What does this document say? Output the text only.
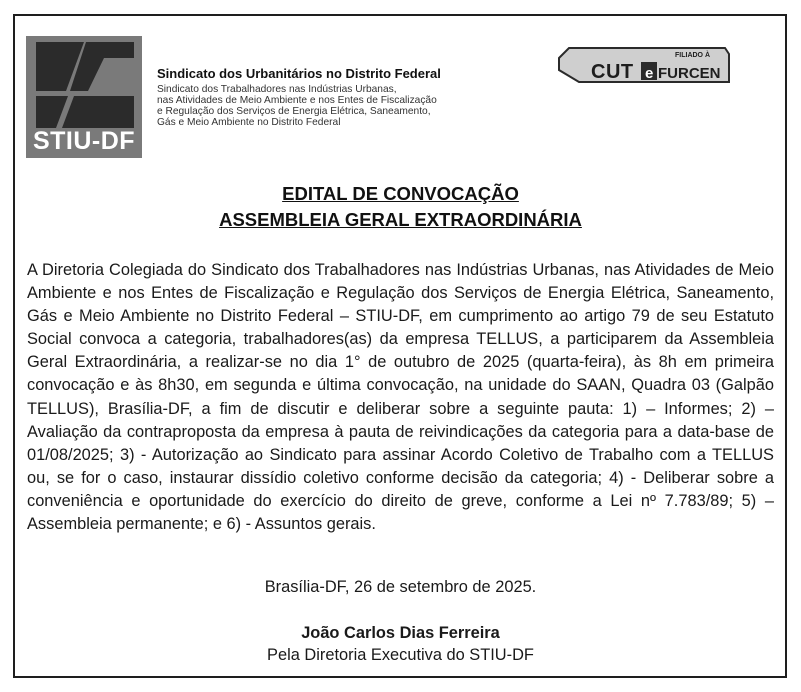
STIU-DF
Sindicato dos Urbanitários no Distrito Federal
Sindicato dos Trabalhadores nas Indústrias Urbanas,
nas Atividades de Meio Ambiente e nos Entes de Fiscalização
e Regulação dos Serviços de Energia Elétrica, Saneamento,
Gás e Meio Ambiente no Distrito Federal
FILIADO À
CUT e FURCEN
EDITAL DE CONVOCAÇÃO
ASSEMBLEIA GERAL EXTRAORDINÁRIA
A Diretoria Colegiada do Sindicato dos Trabalhadores nas Indústrias Urbanas, nas Atividades de Meio Ambiente e nos Entes de Fiscalização e Regulação dos Serviços de Energia Elétrica, Saneamento, Gás e Meio Ambiente no Distrito Federal – STIU-DF, em cumprimento ao artigo 79 de seu Estatuto Social convoca a categoria, trabalhadores(as) da empresa TELLUS, a participarem da Assembleia Geral Extraordinária, a realizar-se no dia 1° de outubro de 2025 (quarta-feira), às 8h em primeira convocação e às 8h30, em segunda e última convocação, na unidade do SAAN, Quadra 03 (Galpão TELLUS), Brasília-DF, a fim de discutir e deliberar sobre a seguinte pauta: 1) – Informes; 2) – Avaliação da contraproposta da empresa à pauta de reivindicações da categoria para a data-base de 01/08/2025; 3) - Autorização ao Sindicato para assinar Acordo Coletivo de Trabalho com a TELLUS ou, se for o caso, instaurar dissídio coletivo conforme decisão da categoria; 4) - Deliberar sobre a conveniência e oportunidade do exercício do direito de greve, conforme a Lei nº 7.783/89; 5) – Assembleia permanente; e 6) - Assuntos gerais.
Brasília-DF, 26 de setembro de 2025.
João Carlos Dias Ferreira
Pela Diretoria Executiva do STIU-DF
